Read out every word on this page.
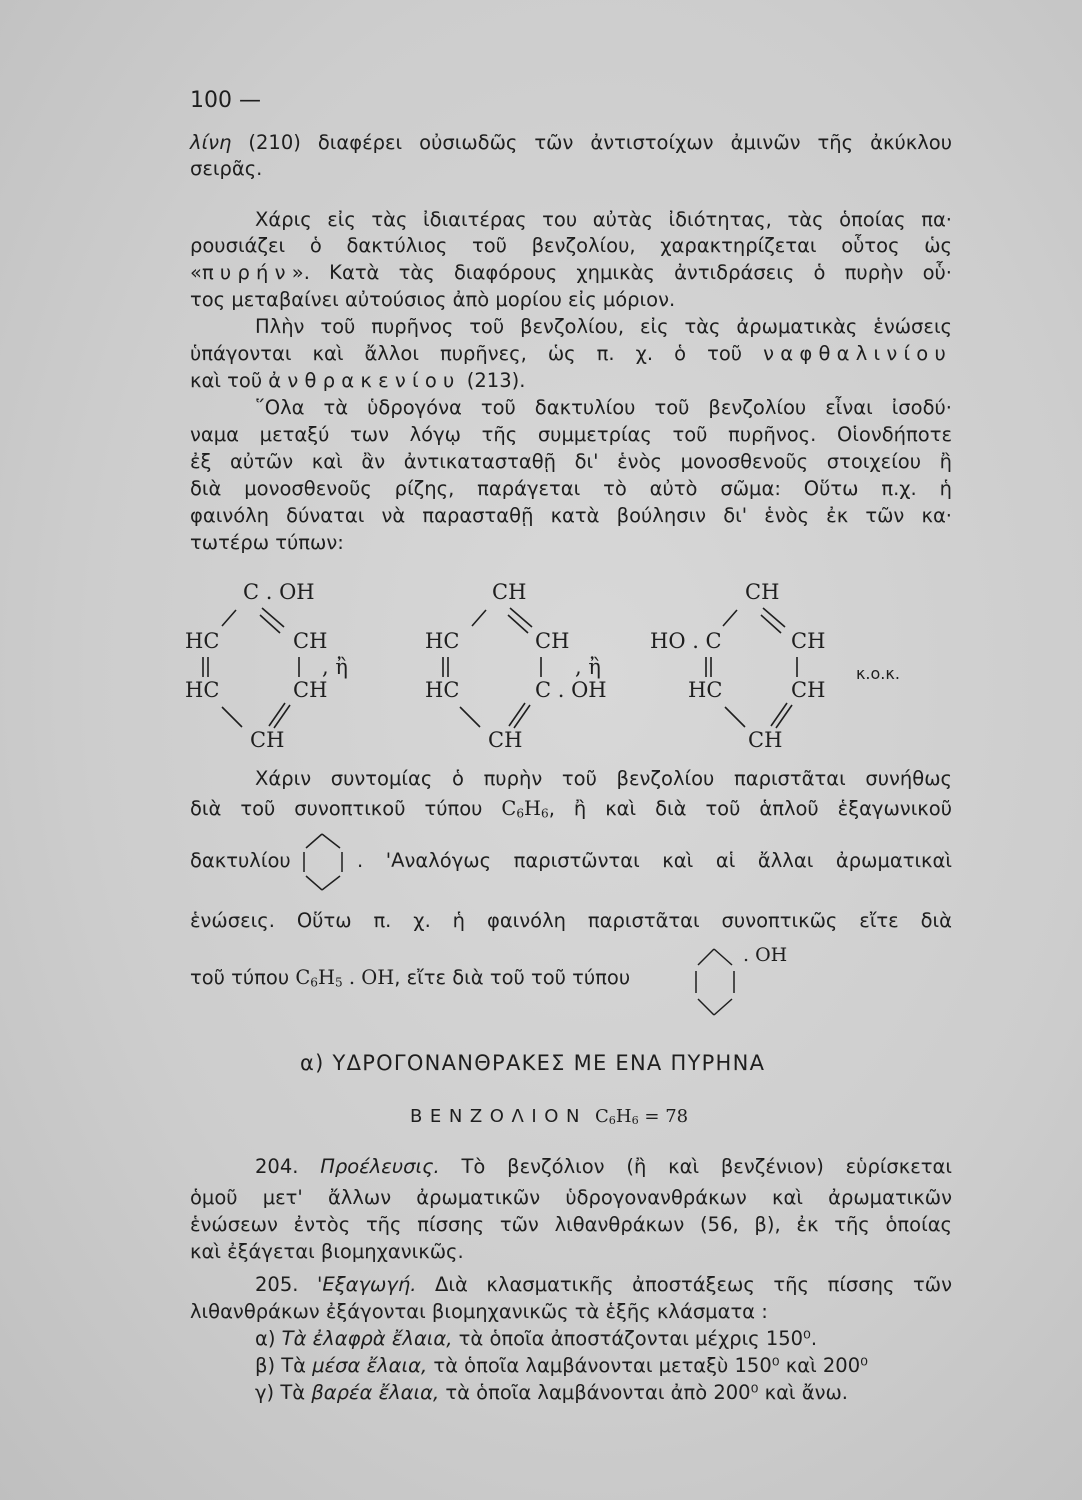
100 —
λίνη (210) διαφέρει οὐσιωδῶς τῶν ἀντιστοίχων ἀμινῶν τῆς ἀκύκλου
σειρᾶς.
Χάρις εἰς τὰς ἰδιαιτέρας του αὐτὰς ἰδιότητας, τὰς ὁποίας πα·
ρουσιάζει ὁ δακτύλιος τοῦ βενζολίου, χαρακτηρίζεται οὗτος ὡς
«πυρήν». Κατὰ τὰς διαφόρους χημικὰς ἀντιδράσεις ὁ πυρὴν οὗ·
τος μεταβαίνει αὐτούσιος ἀπὸ μορίου εἰς μόριον.
Πλὴν τοῦ πυρῆνος τοῦ βενζολίου, εἰς τὰς ἀρωματικὰς ἑνώσεις
ὑπάγονται καὶ ἄλλοι πυρῆνες, ὡς π. χ. ὁ τοῦ ναφθαλινίου
καὶ τοῦ ἀνθρακενίου (213).
῞Ολα τὰ ὑδρογόνα τοῦ δακτυλίου τοῦ βενζολίου εἶναι ἰσοδύ·
ναμα μεταξύ των λόγῳ τῆς συμμετρίας τοῦ πυρῆνος. Οἱονδήποτε
ἐξ αὐτῶν καὶ ἂν ἀντικατασταθῇ δι' ἑνὸς μονοσθενοῦς στοιχείου ἢ
διὰ μονοσθενοῦς ρίζης, παράγεται τὸ αὐτὸ σῶμα: Οὕτω π.χ. ἡ
φαινόλη δύναται νὰ παρασταθῇ κατὰ βούλησιν δι' ἑνὸς ἐκ τῶν κα·
τωτέρω τύπων:
C . OH
HC	CH
, ἢ
HC	CH
CH
CH
HC	CH
, ἢ
HC	C . OH
CH
CH
HO . C	CH
HC	CH
CH
κ.ο.κ.
Χάριν συντομίας ὁ πυρὴν τοῦ βενζολίου παριστᾶται συνήθως
διὰ τοῦ συνοπτικοῦ τύπου $C_6H_6$, ἢ καὶ διὰ τοῦ ἁπλοῦ ἑξαγωνικοῦ
δακτυλίου	. 'Αναλόγως παριστῶνται καὶ αἱ ἄλλαι ἀρωματικαὶ
ἑνώσεις. Οὕτω π. χ. ἡ φαινόλη παριστᾶται συνοπτικῶς εἴτε διὰ
τοῦ τύπου $C_6H_5$ . OH, εἴτε διὰ τοῦ τοῦ τύπου
. OH
α) ΥΔΡΟΓΟΝΑΝΘΡΑΚΕΣ ΜΕ ΕΝΑ ΠΥΡΗΝΑ
ΒΕΝΖΟΛΙΟΝ $C_6H_6 = 78$
204. Προέλευσις. Τὸ βενζόλιον (ἢ καὶ βενζένιον) εὑρίσκεται
ὁμοῦ μετ' ἄλλων ἀρωματικῶν ὑδρογονανθράκων καὶ ἀρωματικῶν
ἑνώσεων ἐντὸς τῆς πίσσης τῶν λιθανθράκων (56, β), ἐκ τῆς ὁποίας
καὶ ἐξάγεται βιομηχανικῶς.
205. 'Εξαγωγή. Διὰ κλασματικῆς ἀποστάξεως τῆς πίσσης τῶν
λιθανθράκων ἐξάγονται βιομηχανικῶς τὰ ἑξῆς κλάσματα :
α) Τὰ ἐλαφρὰ ἔλαια, τὰ ὁποῖα ἀποστάζονται μέχρις 150⁰.
β) Τὰ μέσα ἔλαια, τὰ ὁποῖα λαμβάνονται μεταξὺ 150⁰ καὶ 200⁰
γ) Τὰ βαρέα ἔλαια, τὰ ὁποῖα λαμβάνονται ἀπὸ 200⁰ καὶ ἄνω.
